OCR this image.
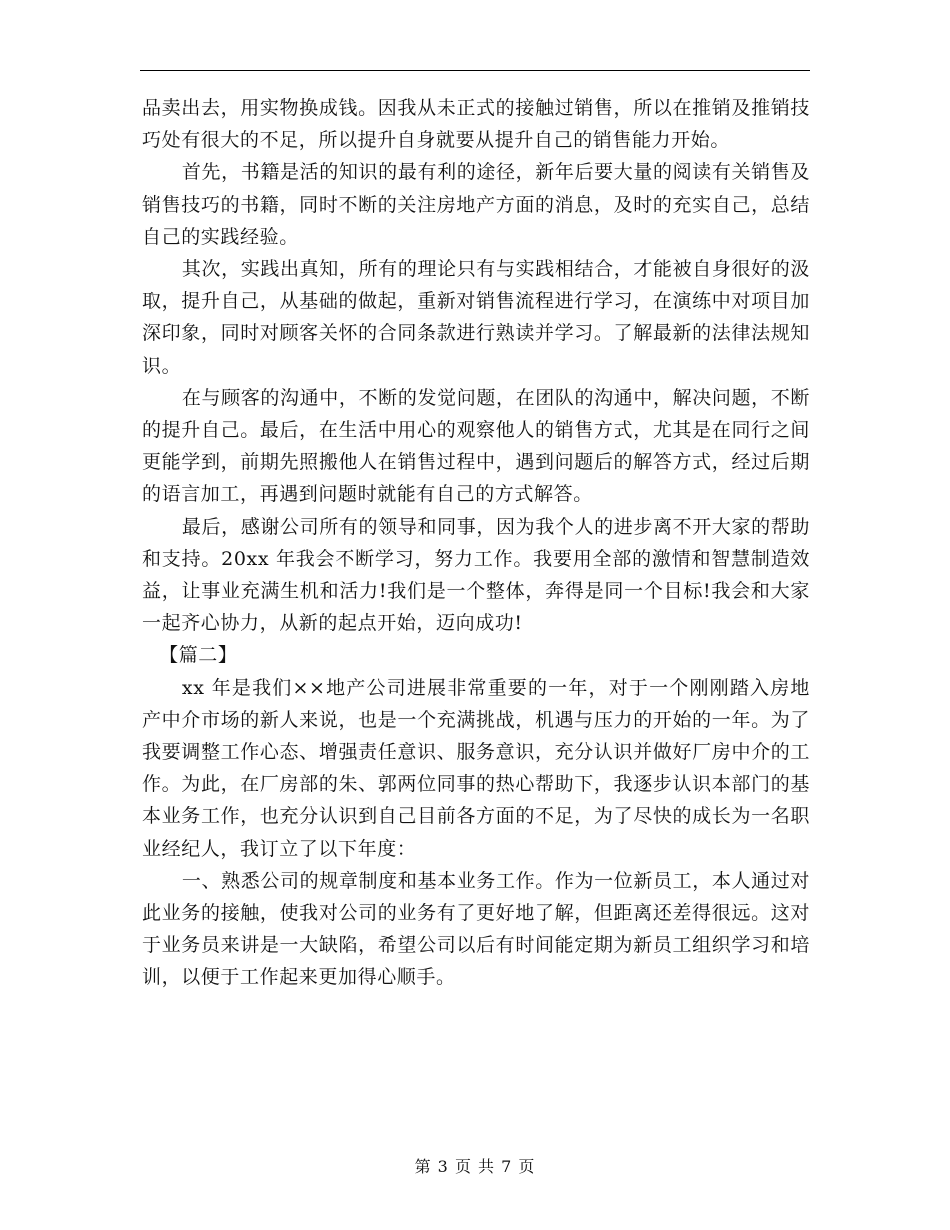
品卖出去，用实物换成钱。因我从未正式的接触过销售，所以在推销及推销技巧处有很大的不足，所以提升自身就要从提升自己的销售能力开始。

首先，书籍是活的知识的最有利的途径，新年后要大量的阅读有关销售及销售技巧的书籍，同时不断的关注房地产方面的消息，及时的充实自己，总结自己的实践经验。

其次，实践出真知，所有的理论只有与实践相结合，才能被自身很好的汲取，提升自己，从基础的做起，重新对销售流程进行学习，在演练中对项目加深印象，同时对顾客关怀的合同条款进行熟读并学习。了解最新的法律法规知识。

在与顾客的沟通中，不断的发觉问题，在团队的沟通中，解决问题，不断的提升自己。最后，在生活中用心的观察他人的销售方式，尤其是在同行之间更能学到，前期先照搬他人在销售过程中，遇到问题后的解答方式，经过后期的语言加工，再遇到问题时就能有自己的方式解答。

最后，感谢公司所有的领导和同事，因为我个人的进步离不开大家的帮助和支持。20xx 年我会不断学习，努力工作。我要用全部的激情和智慧制造效益，让事业充满生机和活力!我们是一个整体，奔得是同一个目标!我会和大家一起齐心协力，从新的起点开始，迈向成功!

【篇二】

xx 年是我们××地产公司进展非常重要的一年，对于一个刚刚踏入房地产中介市场的新人来说，也是一个充满挑战，机遇与压力的开始的一年。为了我要调整工作心态、增强责任意识、服务意识，充分认识并做好厂房中介的工作。为此，在厂房部的朱、郭两位同事的热心帮助下，我逐步认识本部门的基本业务工作，也充分认识到自己目前各方面的不足，为了尽快的成长为一名职业经纪人，我订立了以下年度：

一、熟悉公司的规章制度和基本业务工作。作为一位新员工，本人通过对此业务的接触，使我对公司的业务有了更好地了解，但距离还差得很远。这对于业务员来讲是一大缺陷，希望公司以后有时间能定期为新员工组织学习和培训，以便于工作起来更加得心顺手。

第 3 页 共 7 页
